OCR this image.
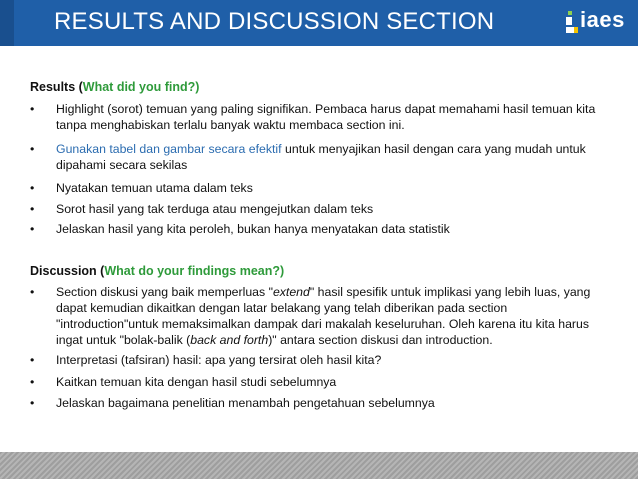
RESULTS AND DISCUSSION SECTION	iaes
Results (What did you find?)
•	Highlight (sorot) temuan yang paling signifikan. Pembaca harus dapat memahami hasil temuan kita tanpa menghabiskan terlalu banyak waktu membaca section ini.
•	Gunakan tabel dan gambar secara efektif untuk menyajikan hasil dengan cara yang mudah untuk dipahami secara sekilas
•	Nyatakan temuan utama dalam teks
•	Sorot hasil yang tak terduga atau mengejutkan dalam teks
•	Jelaskan hasil yang kita peroleh, bukan hanya menyatakan data statistik
Discussion (What do your findings mean?)
•	Section diskusi yang baik memperluas "extend" hasil spesifik untuk implikasi yang lebih luas, yang dapat kemudian dikaitkan dengan latar belakang yang telah diberikan pada section "introduction"untuk memaksimalkan dampak dari makalah keseluruhan. Oleh karena itu kita harus ingat untuk "bolak-balik (back and forth)" antara section diskusi dan introduction.
•	Interpretasi (tafsiran) hasil: apa yang tersirat oleh hasil kita?
•	Kaitkan temuan kita dengan hasil studi sebelumnya
•	Jelaskan bagaimana penelitian menambah pengetahuan sebelumnya
